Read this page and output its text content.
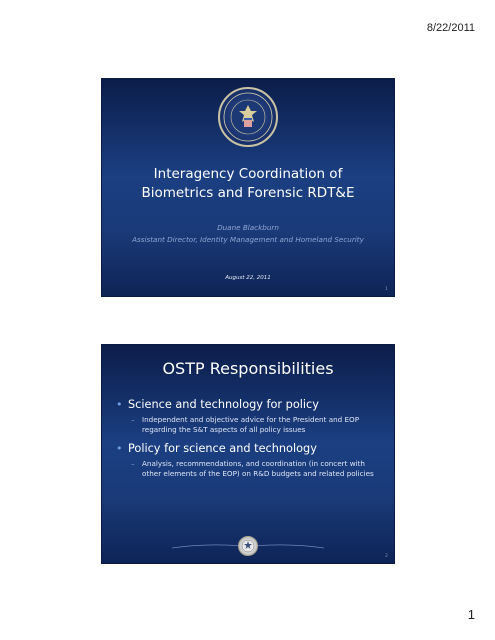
8/22/2011
Interagency Coordination of
Biometrics and Forensic RDT&E
Duane Blackburn
Assistant Director, Identity Management and Homeland Security
August 22, 2011
1
OSTP Responsibilities
• Science and technology for policy
– Independent and objective advice for the President and EOP regarding the S&T aspects of all policy issues
• Policy for science and technology
– Analysis, recommendations, and coordination (in concert with other elements of the EOP) on R&D budgets and related policies
2
1
